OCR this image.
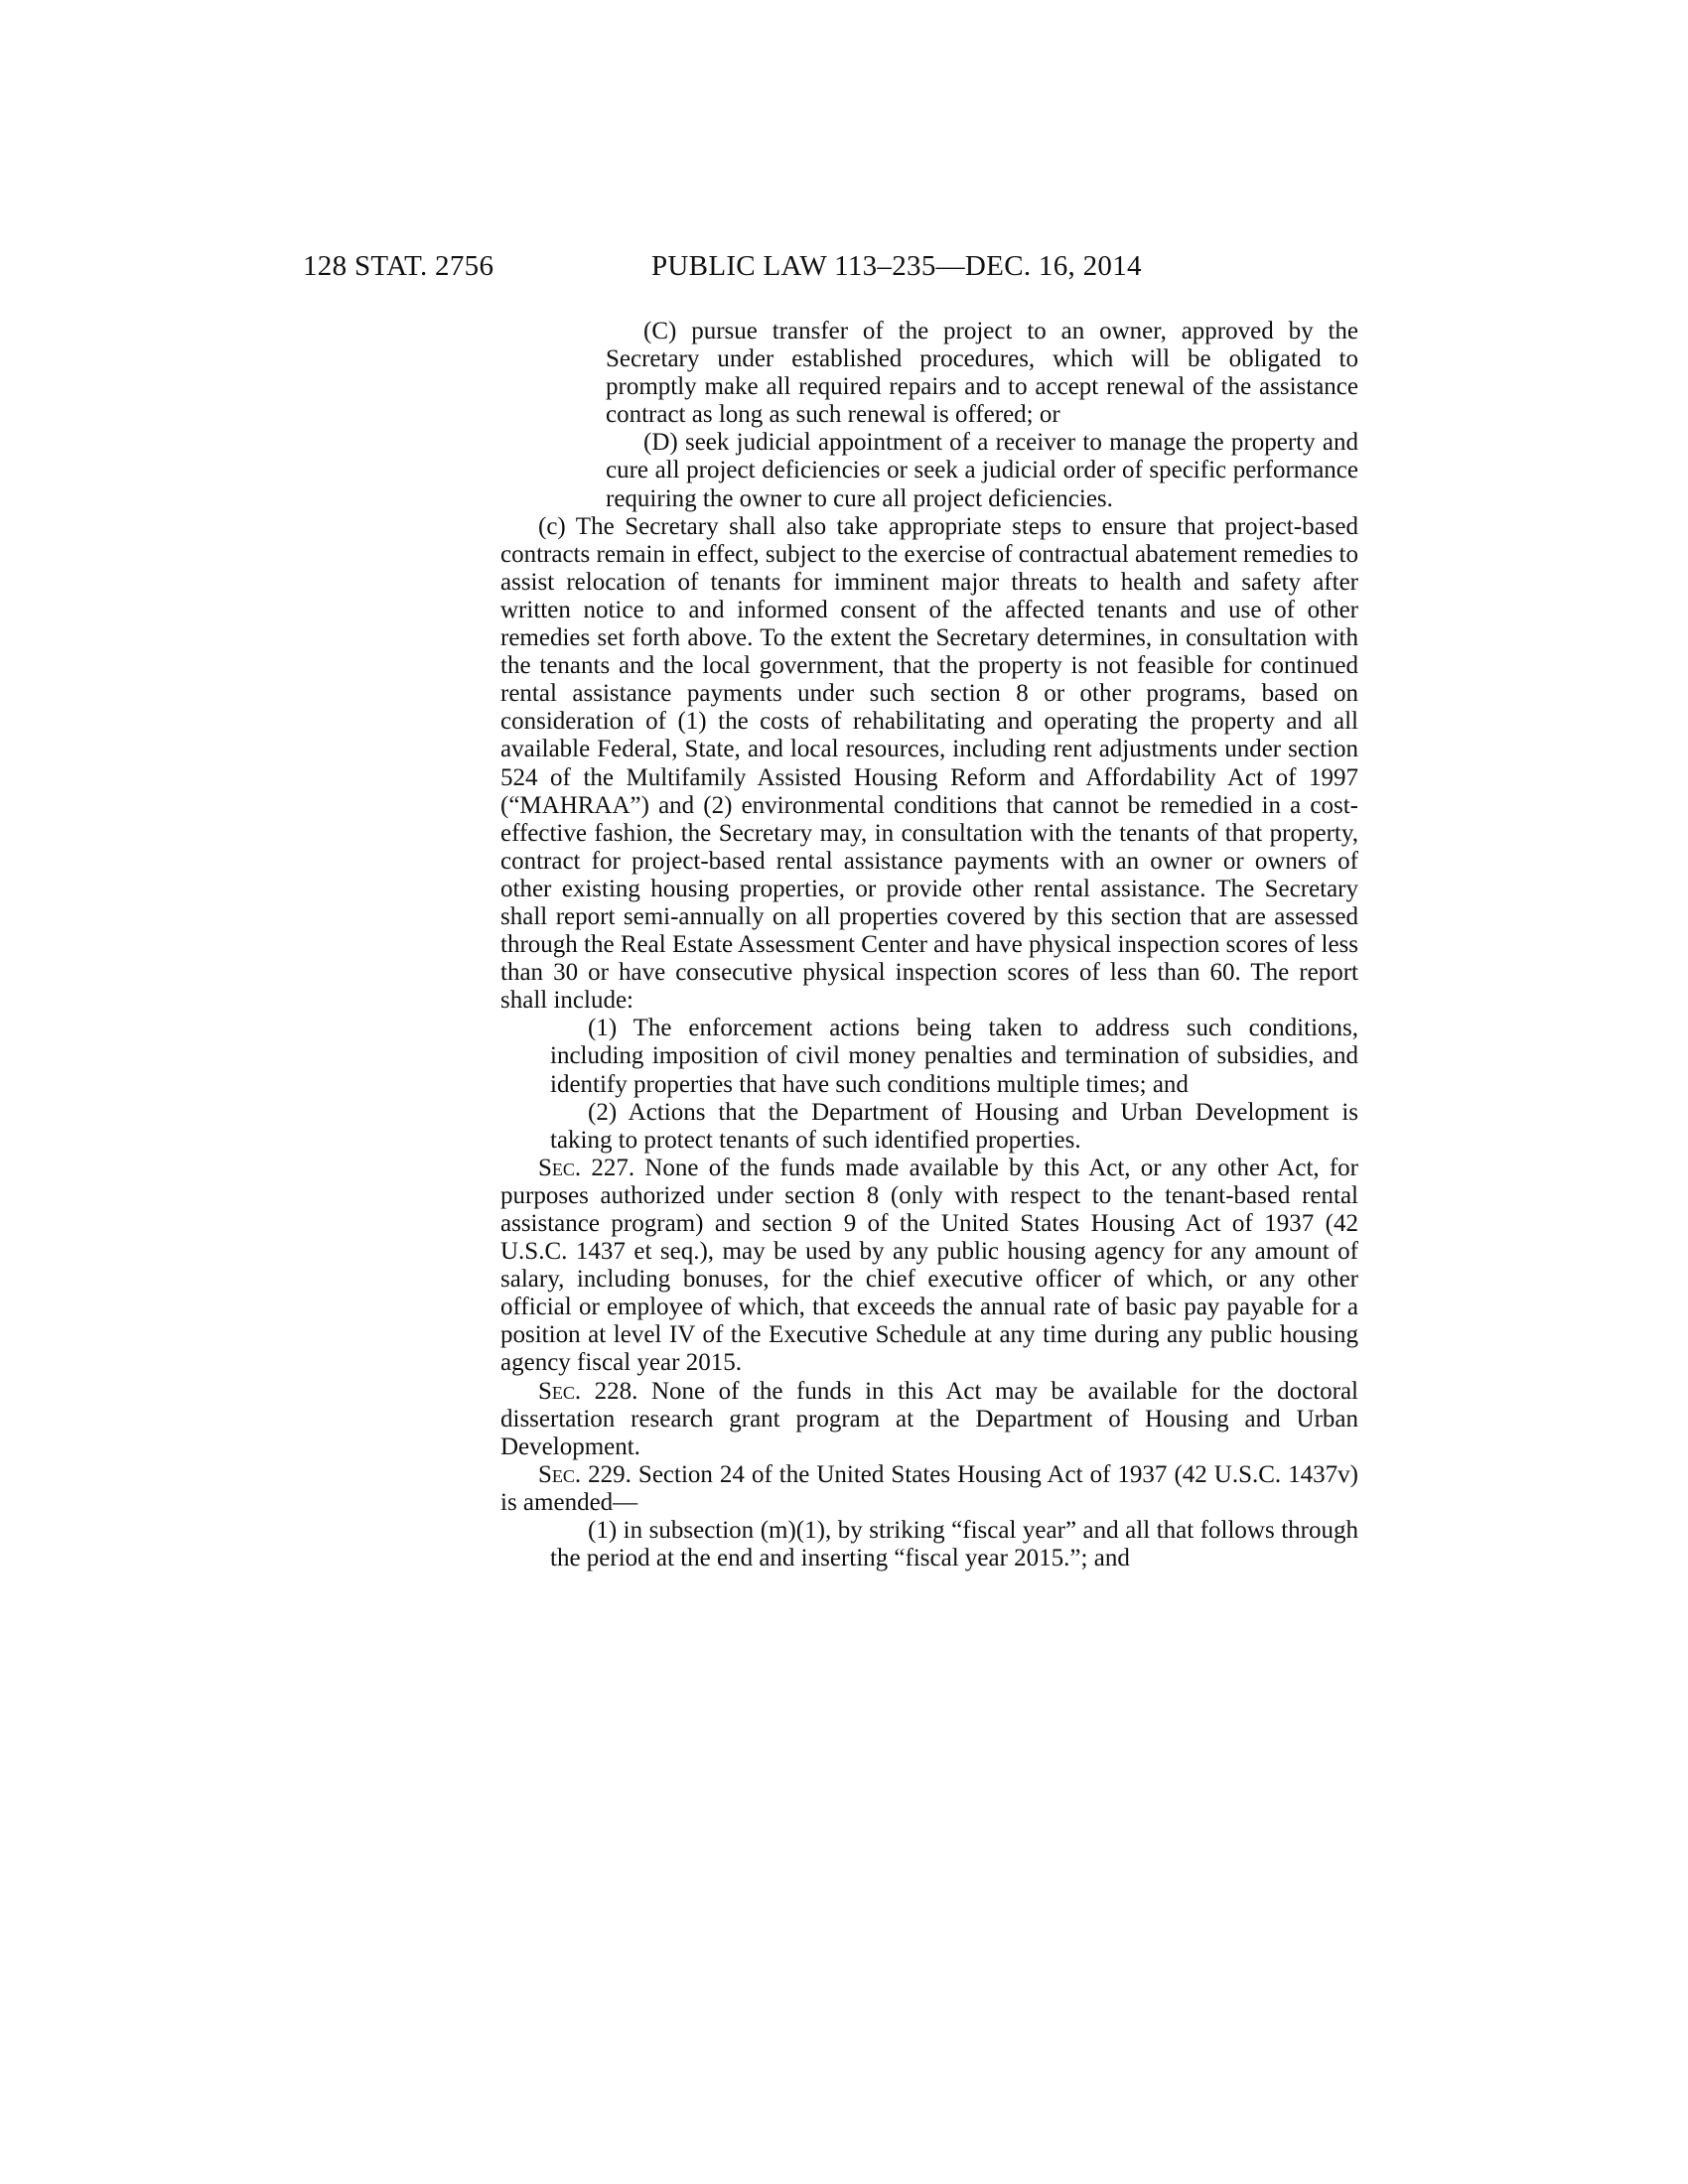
128 STAT. 2756	PUBLIC LAW 113–235—DEC. 16, 2014

(C) pursue transfer of the project to an owner, approved by the Secretary under established procedures, which will be obligated to promptly make all required repairs and to accept renewal of the assistance contract as long as such renewal is offered; or

(D) seek judicial appointment of a receiver to manage the property and cure all project deficiencies or seek a judicial order of specific performance requiring the owner to cure all project deficiencies.

(c) The Secretary shall also take appropriate steps to ensure that project-based contracts remain in effect, subject to the exercise of contractual abatement remedies to assist relocation of tenants for imminent major threats to health and safety after written notice to and informed consent of the affected tenants and use of other remedies set forth above. To the extent the Secretary determines, in consultation with the tenants and the local government, that the property is not feasible for continued rental assistance payments under such section 8 or other programs, based on consideration of (1) the costs of rehabilitating and operating the property and all available Federal, State, and local resources, including rent adjustments under section 524 of the Multifamily Assisted Housing Reform and Affordability Act of 1997 (“MAHRAA”) and (2) environmental conditions that cannot be remedied in a cost-effective fashion, the Secretary may, in consultation with the tenants of that property, contract for project-based rental assistance payments with an owner or owners of other existing housing properties, or provide other rental assistance. The Secretary shall report semi-annually on all properties covered by this section that are assessed through the Real Estate Assessment Center and have physical inspection scores of less than 30 or have consecutive physical inspection scores of less than 60. The report shall include:

(1) The enforcement actions being taken to address such conditions, including imposition of civil money penalties and termination of subsidies, and identify properties that have such conditions multiple times; and

(2) Actions that the Department of Housing and Urban Development is taking to protect tenants of such identified properties.

Sec. 227. None of the funds made available by this Act, or any other Act, for purposes authorized under section 8 (only with respect to the tenant-based rental assistance program) and section 9 of the United States Housing Act of 1937 (42 U.S.C. 1437 et seq.), may be used by any public housing agency for any amount of salary, including bonuses, for the chief executive officer of which, or any other official or employee of which, that exceeds the annual rate of basic pay payable for a position at level IV of the Executive Schedule at any time during any public housing agency fiscal year 2015.

Sec. 228. None of the funds in this Act may be available for the doctoral dissertation research grant program at the Department of Housing and Urban Development.

Sec. 229. Section 24 of the United States Housing Act of 1937 (42 U.S.C. 1437v) is amended—

(1) in subsection (m)(1), by striking “fiscal year” and all that follows through the period at the end and inserting “fiscal year 2015.”; and
